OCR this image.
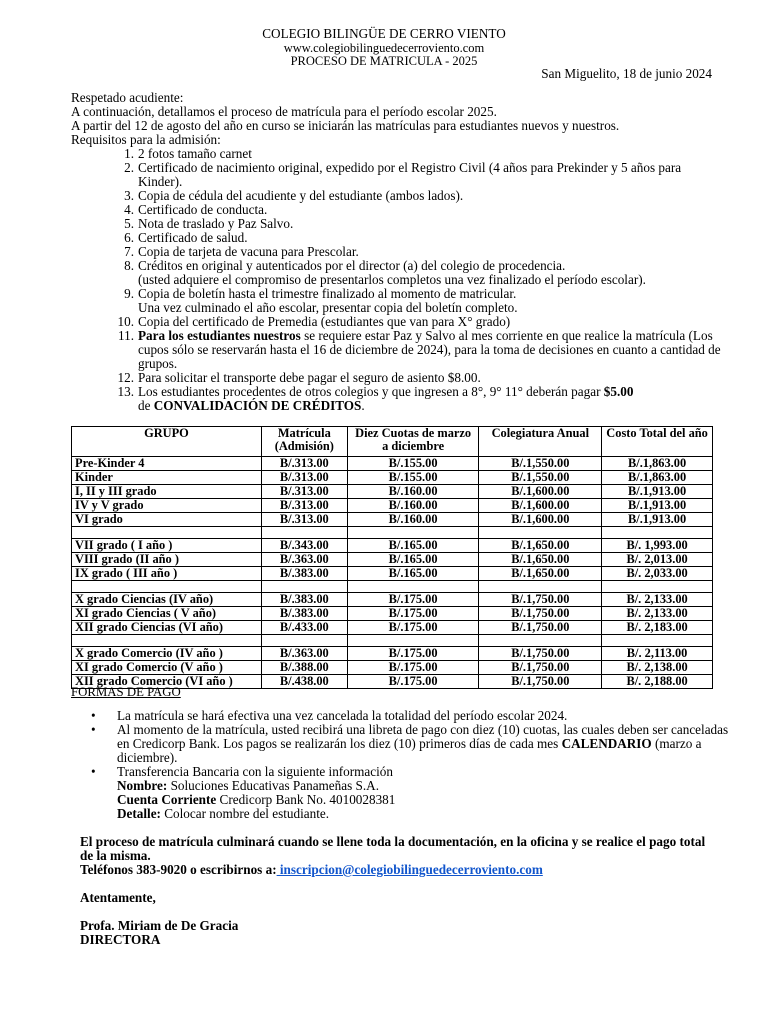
COLEGIO BILINGÜE DE CERRO VIENTO
www.colegiobilinguedecerroviento.com
PROCESO DE MATRICULA - 2025
San Miguelito, 18 de junio 2024

Respetado acudiente:

A continuación, detallamos el proceso de matrícula para el período escolar 2025.

A partir del 12 de agosto del año en curso se iniciarán las matrículas para estudiantes nuevos y nuestros.

Requisitos para la admisión:

1. 2 fotos tamaño carnet
2. Certificado de nacimiento original, expedido por el Registro Civil (4 años para Prekinder y 5 años para Kinder).
3. Copia de cédula del acudiente y del estudiante (ambos lados).
4. Certificado de conducta.
5. Nota de traslado y Paz Salvo.
6. Certificado de salud.
7. Copia de tarjeta de vacuna para Prescolar.
8. Créditos en original y autenticados por el director (a) del colegio de procedencia.
(usted adquiere el compromiso de presentarlos completos una vez finalizado el período escolar).
9. Copia de boletín hasta el trimestre finalizado al momento de matricular.
Una vez culminado el año escolar, presentar copia del boletín completo.
10. Copia del certificado de Premedia (estudiantes que van para X° grado)
11. Para los estudiantes nuestros se requiere estar Paz y Salvo al mes corriente en que realice la matrícula (Los cupos sólo se reservarán hasta el 16 de diciembre de 2024), para la toma de decisiones en cuanto a cantidad de grupos.
12. Para solicitar el transporte debe pagar el seguro de asiento $8.00.
13. Los estudiantes procedentes de otros colegios y que ingresen a 8°, 9° 11° deberán pagar $5.00
de CONVALIDACIÓN DE CRÉDITOS.
GRUPO	Matrícula (Admisión)	Diez Cuotas de marzo a diciembre	Colegiatura Anual	Costo Total del año
Pre-Kinder 4	B/.313.00	B/.155.00	B/.1,550.00	B/.1,863.00
Kinder	B/.313.00	B/.155.00	B/.1,550.00	B/.1,863.00
I, II y III grado	B/.313.00	B/.160.00	B/.1,600.00	B/.1,913.00
IV y V grado	B/.313.00	B/.160.00	B/.1,600.00	B/.1,913.00
VI grado	B/.313.00	B/.160.00	B/.1,600.00	B/.1,913.00

VII grado ( I año )	B/.343.00	B/.165.00	B/.1,650.00	B/. 1,993.00
VIII grado (II año )	B/.363.00	B/.165.00	B/.1,650.00	B/. 2,013.00
IX grado ( III año )	B/.383.00	B/.165.00	B/.1,650.00	B/. 2,033.00

X grado Ciencias (IV año)	B/.383.00	B/.175.00	B/.1,750.00	B/. 2,133.00
XI grado Ciencias ( V año)	B/.383.00	B/.175.00	B/.1,750.00	B/. 2,133.00
XII grado Ciencias (VI año)	B/.433.00	B/.175.00	B/.1,750.00	B/. 2,183.00

X grado Comercio (IV año )	B/.363.00	B/.175.00	B/.1,750.00	B/. 2,113.00
XI grado Comercio (V año )	B/.388.00	B/.175.00	B/.1,750.00	B/. 2,138.00
XII grado Comercio (VI año )	B/.438.00	B/.175.00	B/.1,750.00	B/. 2,188.00
FORMAS DE PAGO
•	La matrícula se hará efectiva una vez cancelada la totalidad del período escolar 2024.
•	Al momento de la matrícula, usted recibirá una libreta de pago con diez (10) cuotas, las cuales deben ser canceladas en Credicorp Bank. Los pagos se realizarán los diez (10) primeros días de cada mes CALENDARIO (marzo a diciembre).
•	Transferencia Bancaria con la siguiente información
Nombre: Soluciones Educativas Panameñas S.A.
Cuenta Corriente Credicorp Bank No. 4010028381
Detalle: Colocar nombre del estudiante.

El proceso de matrícula culminará cuando se llene toda la documentación, en la oficina y se realice el pago total de la misma.

Teléfonos 383-9020 o escribirnos a: inscripcion@colegiobilinguedecerroviento.com

Atentamente,
Profa. Miriam de De Gracia
DIRECTORA
